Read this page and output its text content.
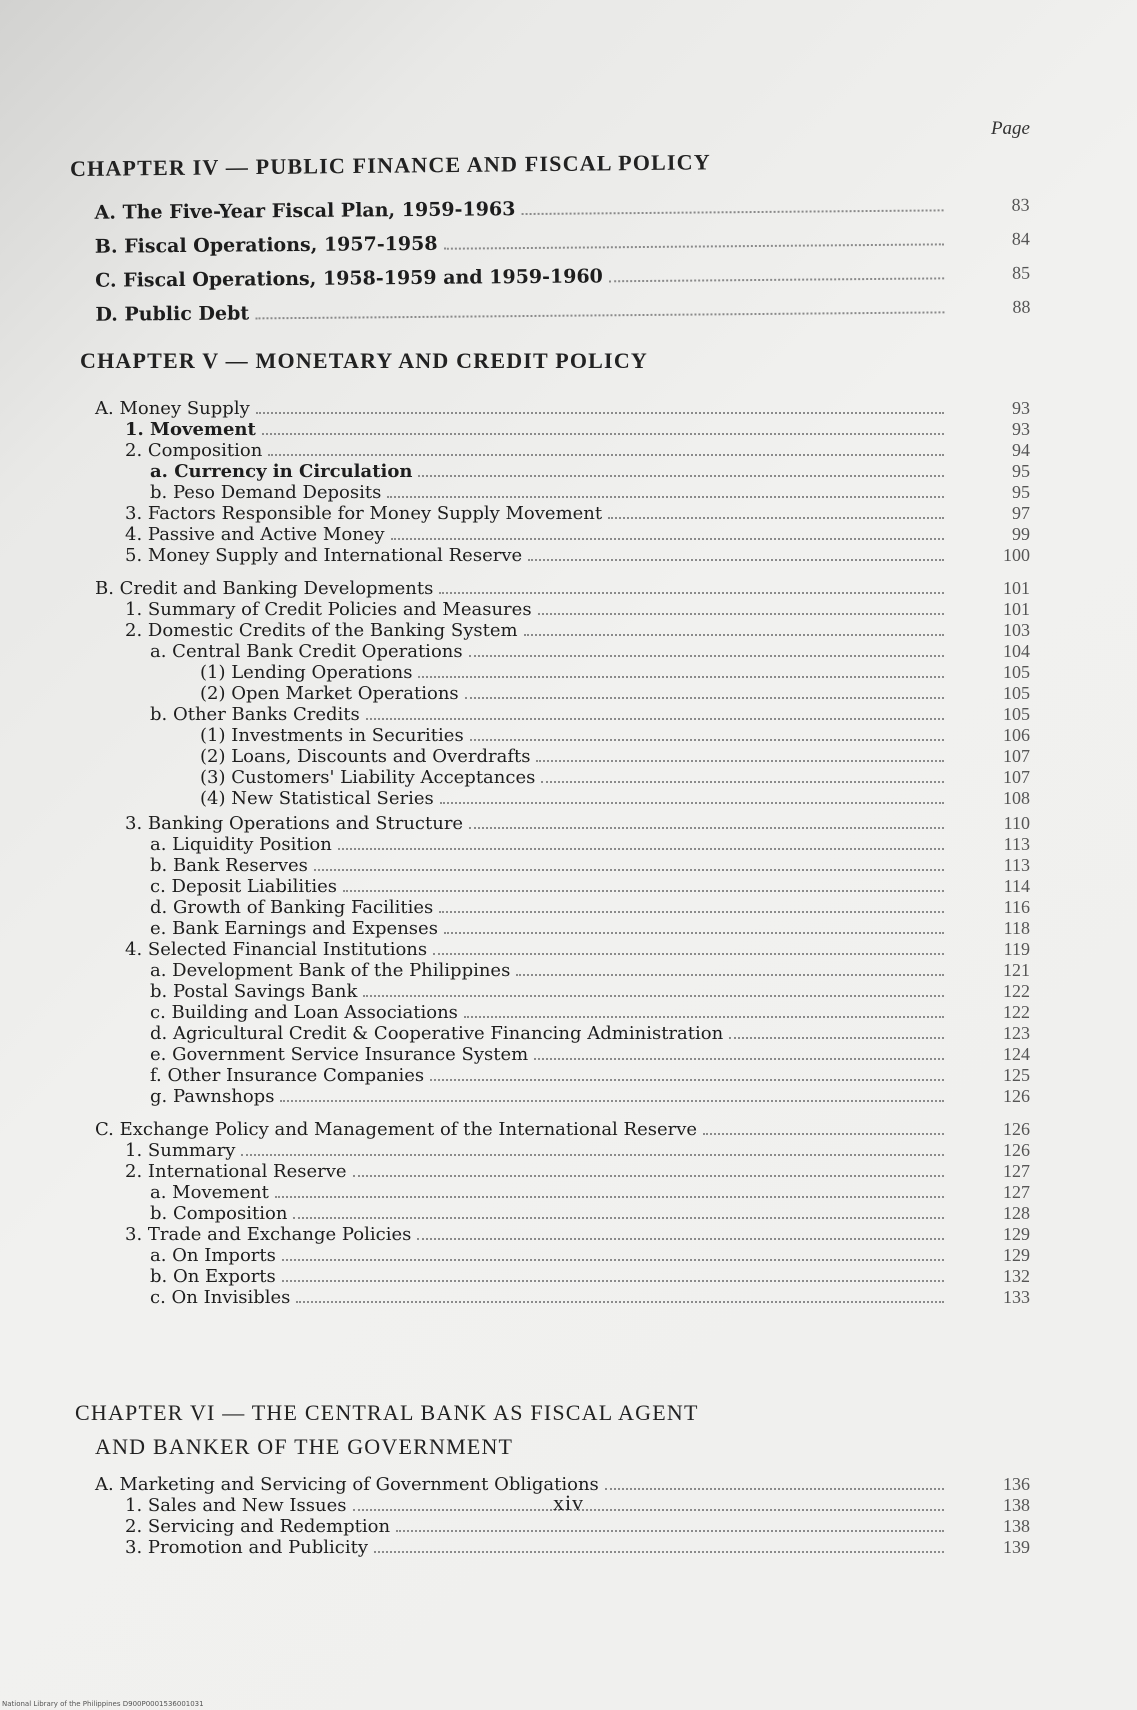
Page
CHAPTER IV — PUBLIC FINANCE AND FISCAL POLICY
A. The Five-Year Fiscal Plan, 1959-1963	83
B. Fiscal Operations, 1957-1958	84
C. Fiscal Operations, 1958-1959 and 1959-1960	85
D. Public Debt	88
CHAPTER V — MONETARY AND CREDIT POLICY
A. Money Supply	93
1. Movement	93
2. Composition	94
a. Currency in Circulation	95
b. Peso Demand Deposits	95
3. Factors Responsible for Money Supply Movement	97
4. Passive and Active Money	99
5. Money Supply and International Reserve	100
B. Credit and Banking Developments	101
1. Summary of Credit Policies and Measures	101
2. Domestic Credits of the Banking System	103
a. Central Bank Credit Operations	104
(1) Lending Operations	105
(2) Open Market Operations	105
b. Other Banks Credits	105
(1) Investments in Securities	106
(2) Loans, Discounts and Overdrafts	107
(3) Customers' Liability Acceptances	107
(4) New Statistical Series	108
3. Banking Operations and Structure	110
a. Liquidity Position	113
b. Bank Reserves	113
c. Deposit Liabilities	114
d. Growth of Banking Facilities	116
e. Bank Earnings and Expenses	118
4. Selected Financial Institutions	119
a. Development Bank of the Philippines	121
b. Postal Savings Bank	122
c. Building and Loan Associations	122
d. Agricultural Credit & Cooperative Financing Administration	123
e. Government Service Insurance System	124
f. Other Insurance Companies	125
g. Pawnshops	126
C. Exchange Policy and Management of the International Reserve	126
1. Summary	126
2. International Reserve	127
a. Movement	127
b. Composition	128
3. Trade and Exchange Policies	129
a. On Imports	129
b. On Exports	132
c. On Invisibles	133
CHAPTER VI — THE CENTRAL BANK AS FISCAL AGENT
AND BANKER OF THE GOVERNMENT
A. Marketing and Servicing of Government Obligations	136
1. Sales and New Issues	138
2. Servicing and Redemption	138
3. Promotion and Publicity	139
xiv
National Library of the Philippines D900P0001536001031
